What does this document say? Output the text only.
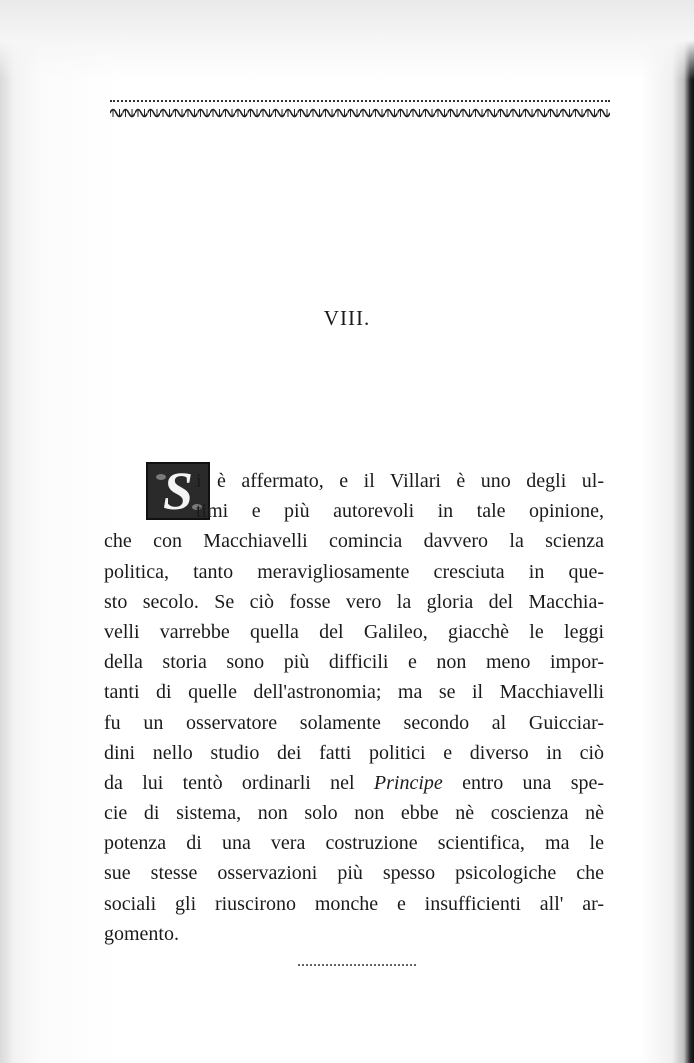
VIII.
S i è affermato, e il Villari è uno degli ul-
timi e più autorevoli in tale opinione,
che con Macchiavelli comincia davvero la scienza
politica, tanto meravigliosamente cresciuta in que-
sto secolo. Se ciò fosse vero la gloria del Macchia-
velli varrebbe quella del Galileo, giacchè le leggi
della storia sono più difficili e non meno impor-
tanti di quelle dell'astronomia; ma se il Macchiavelli
fu un osservatore solamente secondo al Guicciar-
dini nello studio dei fatti politici e diverso in ciò
da lui tentò ordinarli nel Principe entro una spe-
cie di sistema, non solo non ebbe nè coscienza nè
potenza di una vera costruzione scientifica, ma le
sue stesse osservazioni più spesso psicologiche che
sociali gli riuscirono monche e insufficienti all' ar-
gomento.
